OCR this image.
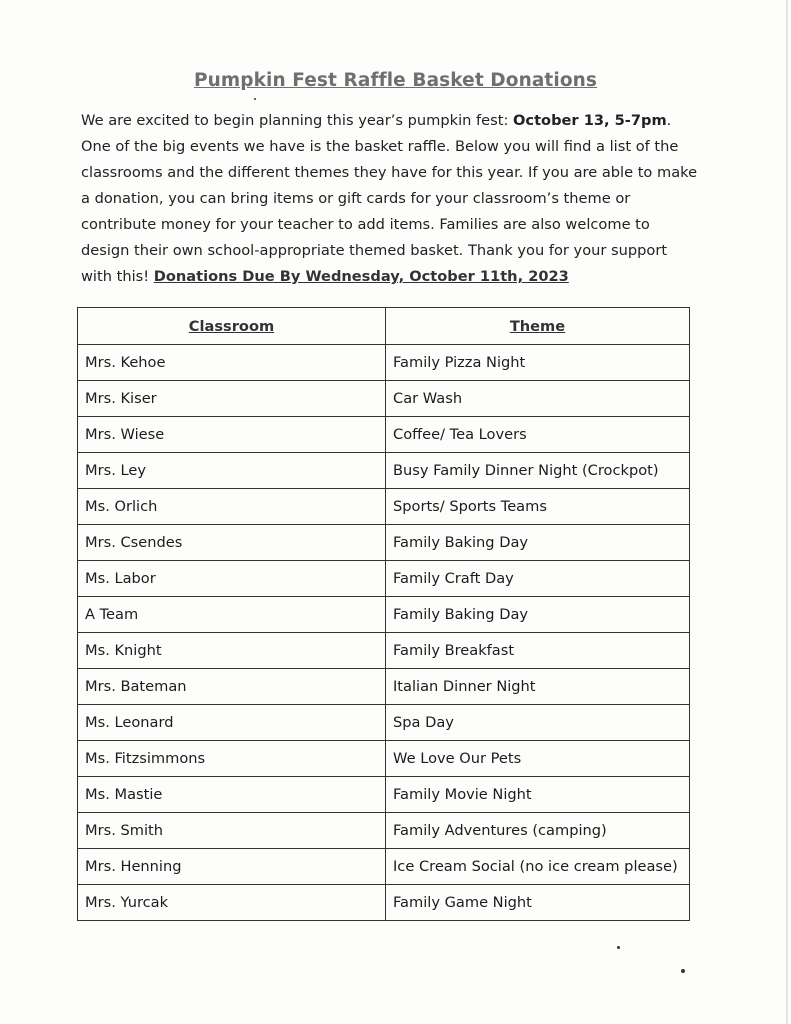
Pumpkin Fest Raffle Basket Donations
We are excited to begin planning this year’s pumpkin fest: October 13, 5-7pm. One of the big events we have is the basket raffle. Below you will find a list of the classrooms and the different themes they have for this year. If you are able to make a donation, you can bring items or gift cards for your classroom’s theme or contribute money for your teacher to add items. Families are also welcome to design their own school-appropriate themed basket. Thank you for your support with this! Donations Due By Wednesday, October 11th, 2023
Classroom	Theme
Mrs. Kehoe	Family Pizza Night
Mrs. Kiser	Car Wash
Mrs. Wiese	Coffee/ Tea Lovers
Mrs. Ley	Busy Family Dinner Night (Crockpot)
Ms. Orlich	Sports/ Sports Teams
Mrs. Csendes	Family Baking Day
Ms. Labor	Family Craft Day
A Team	Family Baking Day
Ms. Knight	Family Breakfast
Mrs. Bateman	Italian Dinner Night
Ms. Leonard	Spa Day
Ms. Fitzsimmons	We Love Our Pets
Ms. Mastie	Family Movie Night
Mrs. Smith	Family Adventures (camping)
Mrs. Henning	Ice Cream Social (no ice cream please)
Mrs. Yurcak	Family Game Night
